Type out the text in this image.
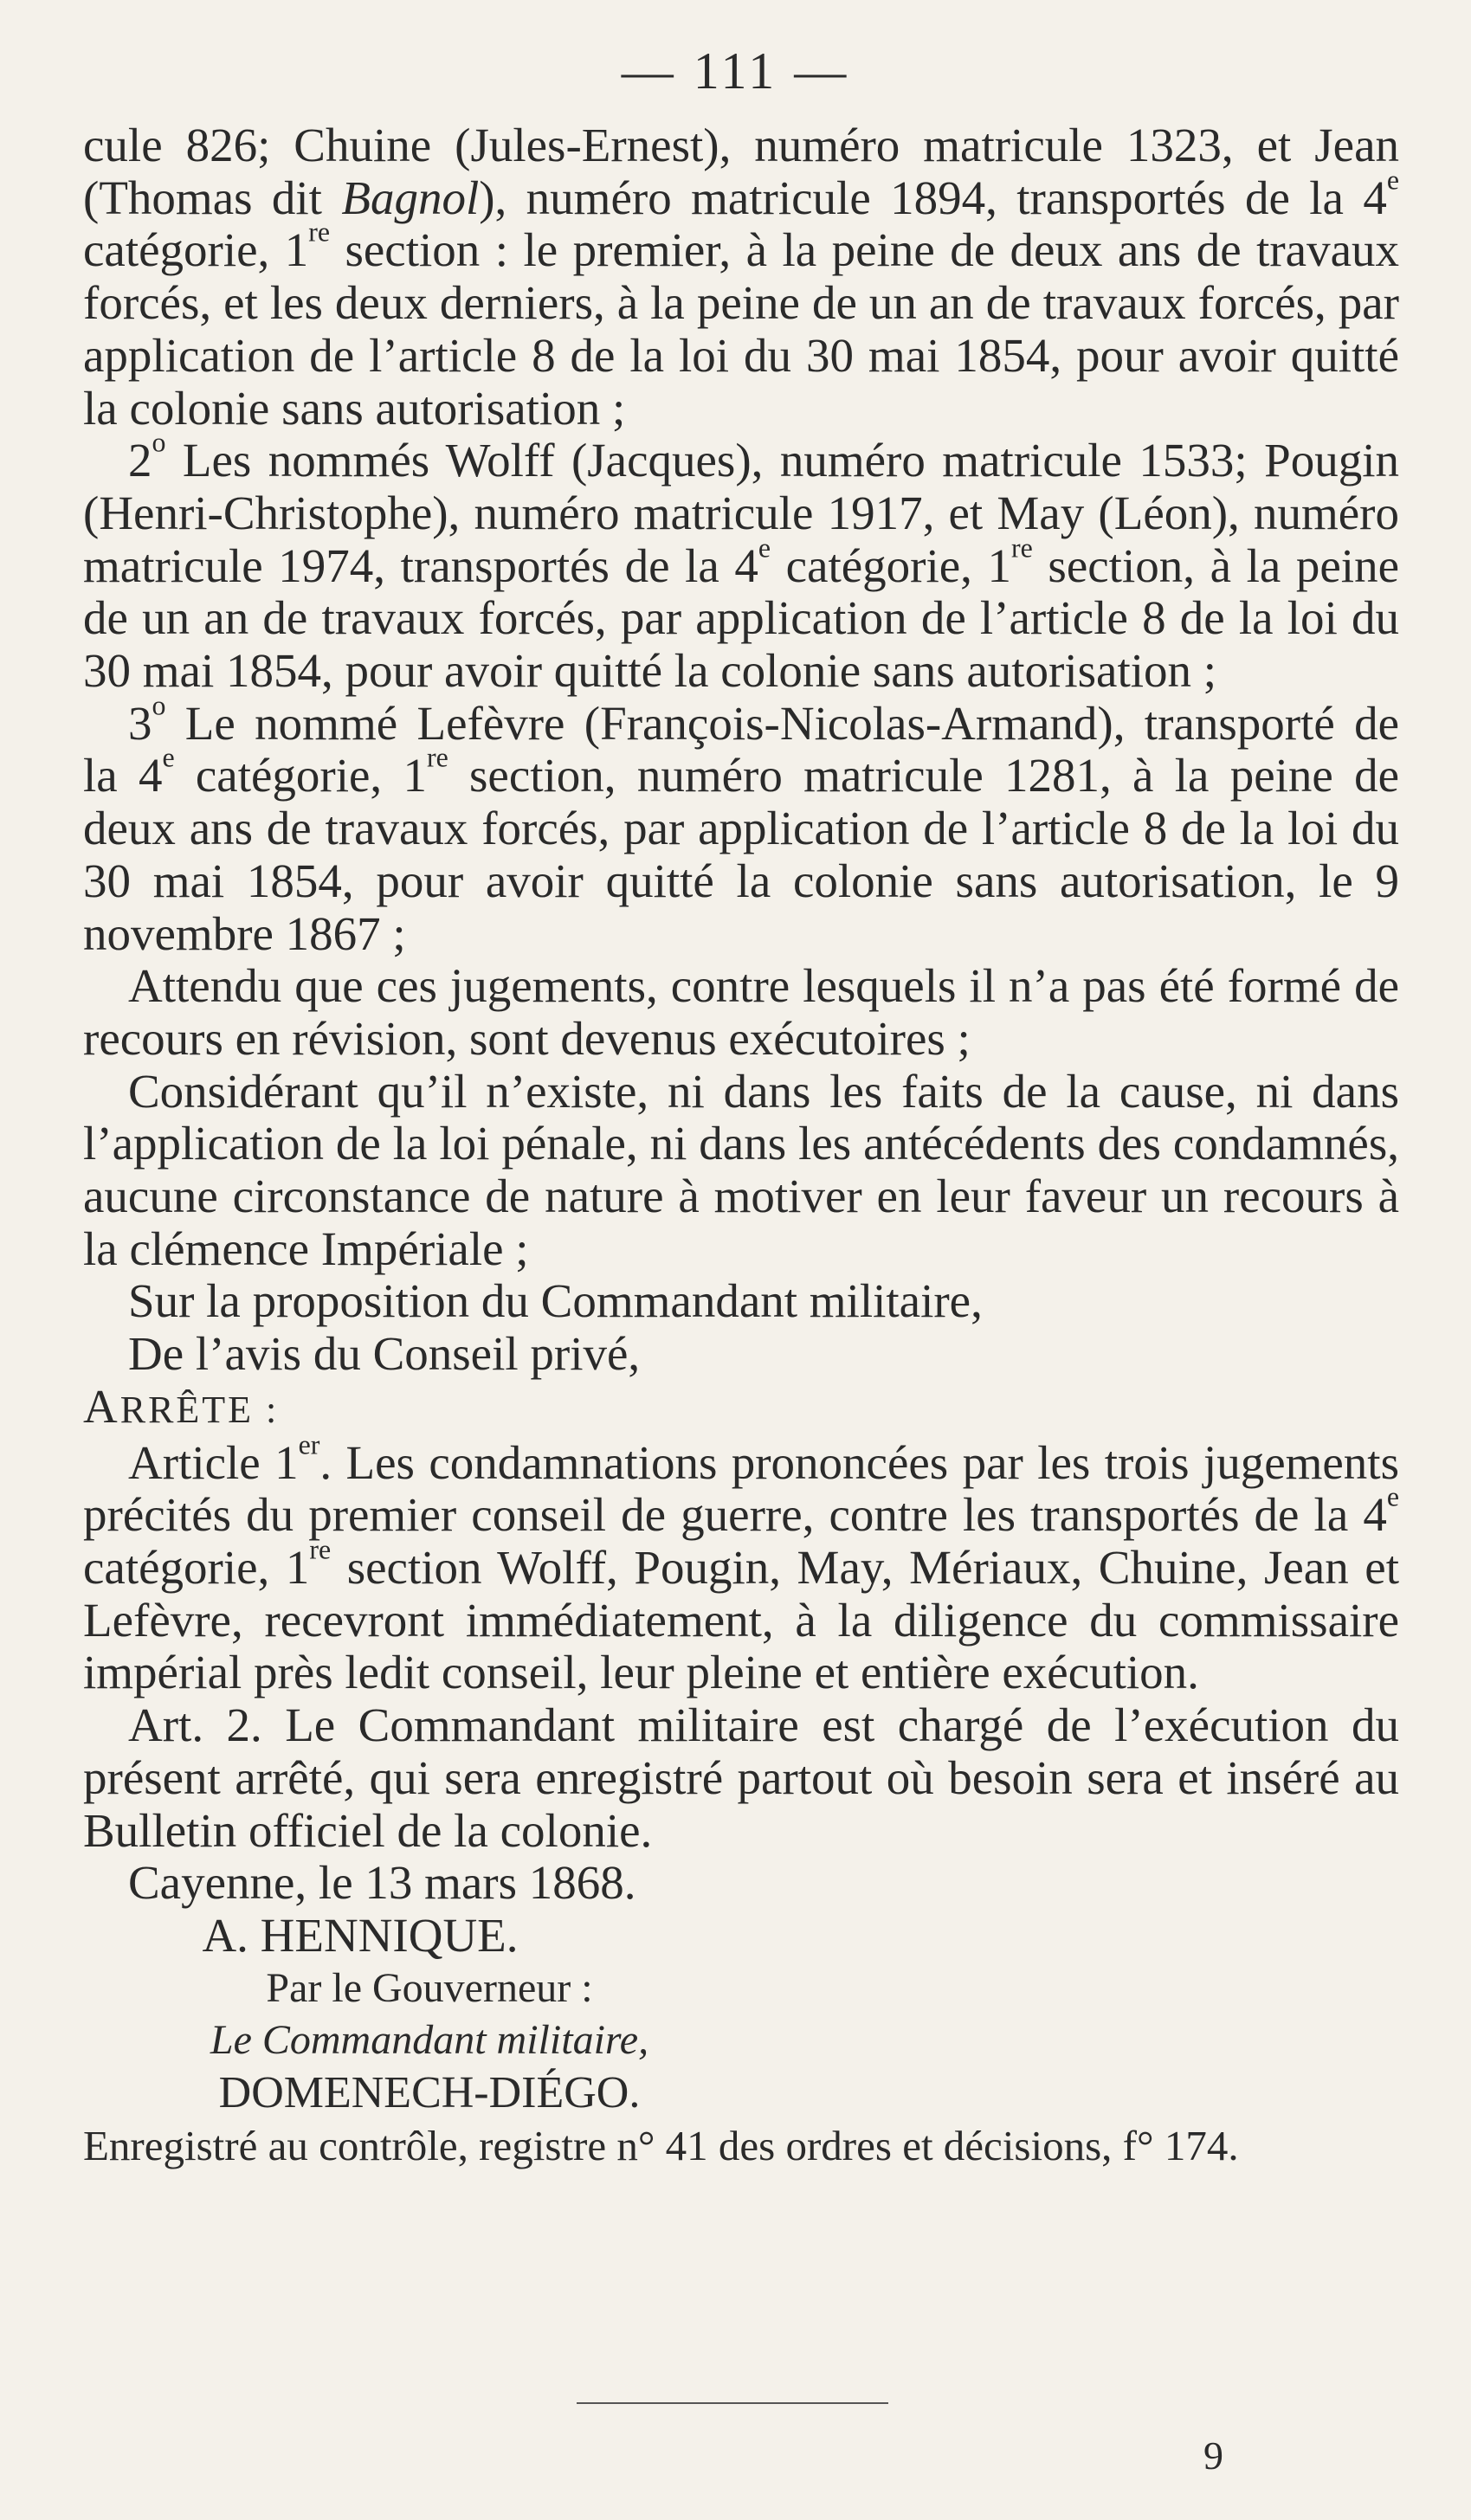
— 111 —

cule 826; Chuine (Jules-Ernest), numéro matricule 1323, et Jean (Thomas dit Bagnol), numéro matricule 1894, transportés de la 4e catégorie, 1re section : le premier, à la peine de deux ans de travaux forcés, et les deux derniers, à la peine de un an de travaux forcés, par application de l’article 8 de la loi du 30 mai 1854, pour avoir quitté la colonie sans autorisation ;

2$^o$ Les nommés Wolff (Jacques), numéro matricule 1533; Pougin (Henri-Christophe), numéro matricule 1917, et May (Léon), numéro matricule 1974, transportés de la 4e catégorie, 1re section, à la peine de un an de travaux forcés, par application de l’article 8 de la loi du 30 mai 1854, pour avoir quitté la colonie sans autorisation ;

3$^o$ Le nommé Lefèvre (François-Nicolas-Armand), transporté de la 4e catégorie, 1re section, numéro matricule 1281, à la peine de deux ans de travaux forcés, par application de l’article 8 de la loi du 30 mai 1854, pour avoir quitté la colonie sans autorisation, le 9 novembre 1867 ;

Attendu que ces jugements, contre lesquels il n’a pas été formé de recours en révision, sont devenus exécutoires ;

Considérant qu’il n’existe, ni dans les faits de la cause, ni dans l’application de la loi pénale, ni dans les antécédents des condamnés, aucune circonstance de nature à motiver en leur faveur un recours à la clémence Impériale ;

Sur la proposition du Commandant militaire,

De l’avis du Conseil privé,

ARRÊTE :

Article 1er. Les condamnations prononcées par les trois jugements précités du premier conseil de guerre, contre les transportés de la 4e catégorie, 1re section Wolff, Pougin, May, Mériaux, Chuine, Jean et Lefèvre, recevront immédiatement, à la diligence du commissaire impérial près ledit conseil, leur pleine et entière exécution.

Art. 2. Le Commandant militaire est chargé de l’exécution du présent arrêté, qui sera enregistré partout où besoin sera et inséré au Bulletin officiel de la colonie.

Cayenne, le 13 mars 1868.

A. HENNIQUE.

Par le Gouverneur :

Le Commandant militaire,

DOMENECH-DIÉGO.

Enregistré au contrôle, registre n° 41 des ordres et décisions, f° 174.

9
